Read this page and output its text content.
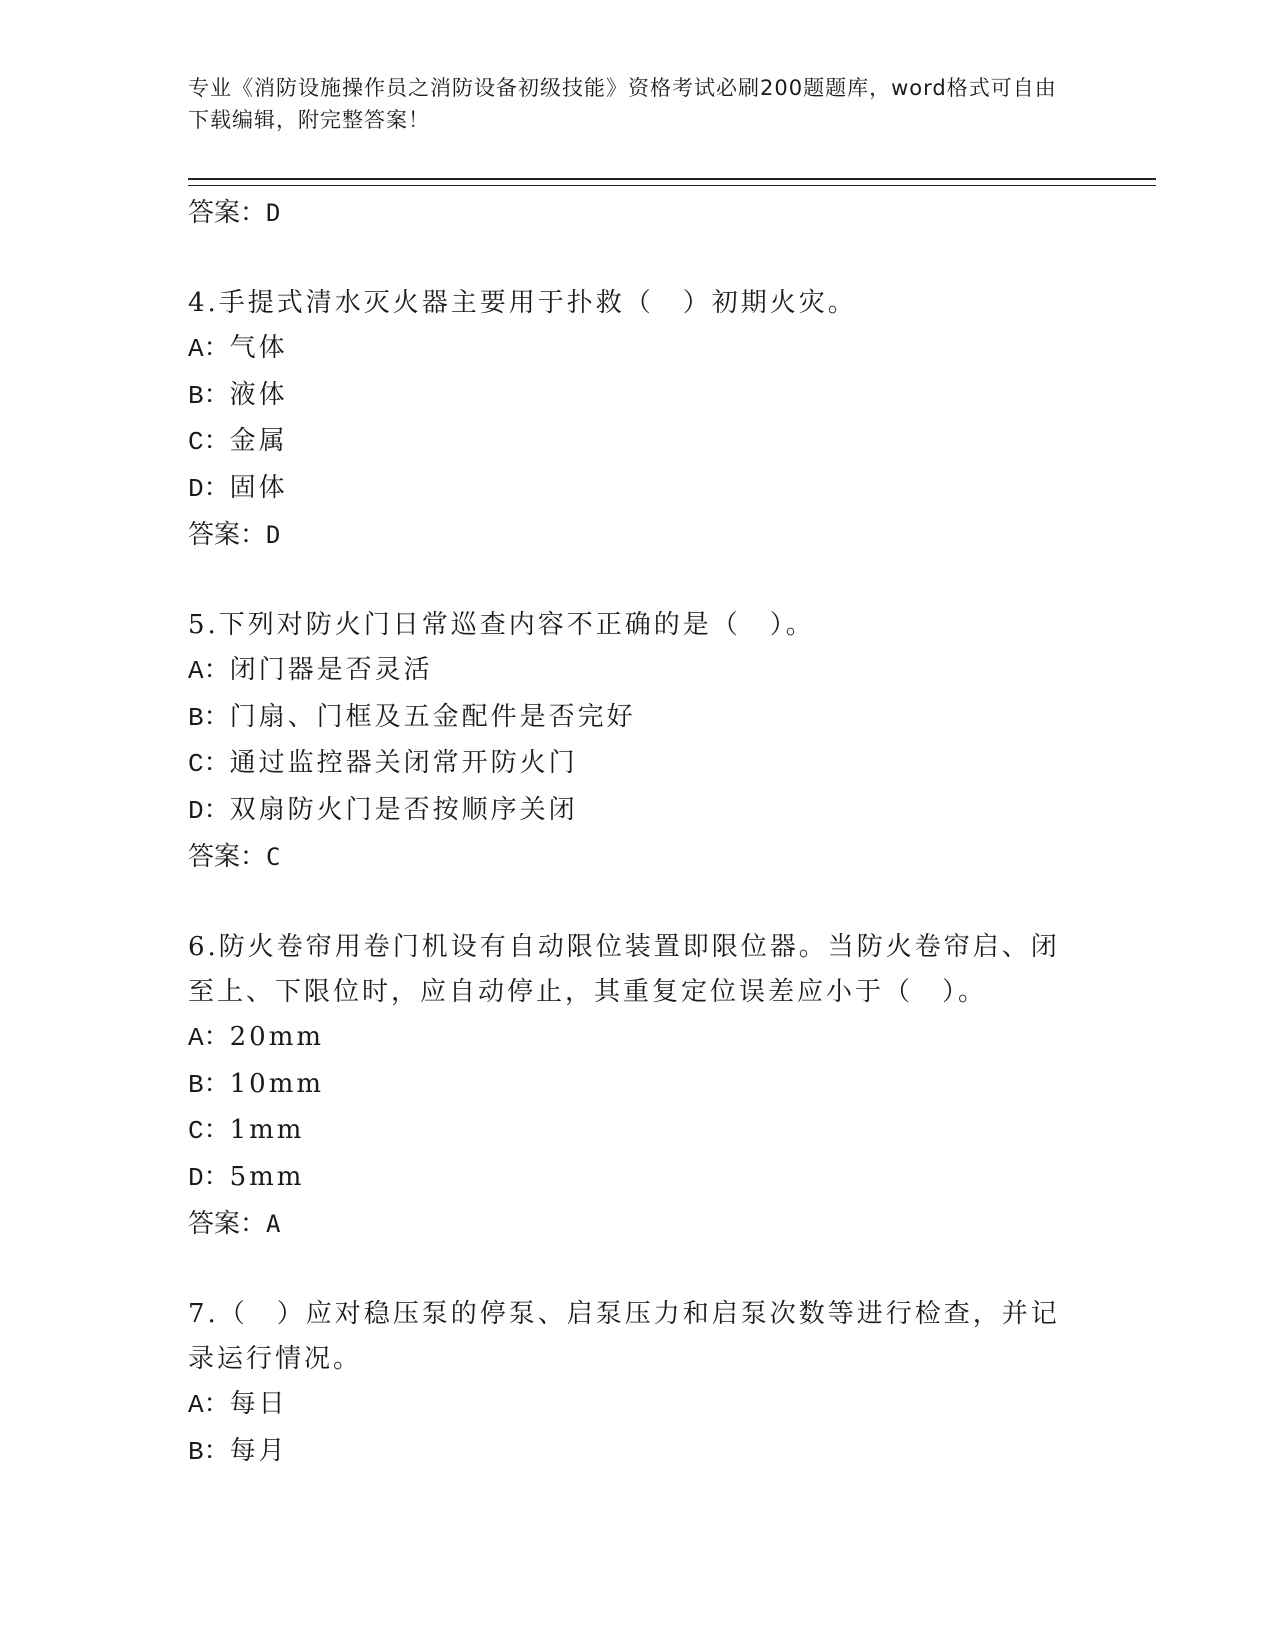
专业《消防设施操作员之消防设备初级技能》资格考试必刷200题题库，word格式可自由下载编辑，附完整答案！

答案：D

4.手提式清水灭火器主要用于扑救（　）初期火灾。

A：气体

B：液体

C：金属

D：固体

答案：D

5.下列对防火门日常巡查内容不正确的是（　）。

A：闭门器是否灵活

B：门扇、门框及五金配件是否完好

C：通过监控器关闭常开防火门

D：双扇防火门是否按顺序关闭

答案：C

6.防火卷帘用卷门机设有自动限位装置即限位器。当防火卷帘启、闭至上、下限位时，应自动停止，其重复定位误差应小于（　）。

A：20mm

B：10mm

C：1mm

D：5mm

答案：A

7.（　）应对稳压泵的停泵、启泵压力和启泵次数等进行检查，并记录运行情况。

A：每日

B：每月
